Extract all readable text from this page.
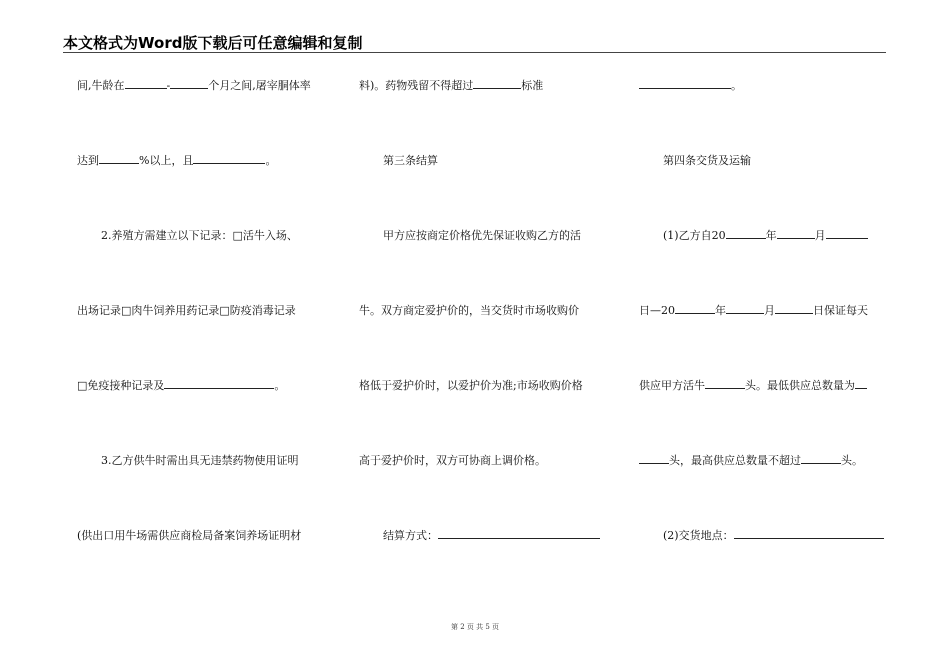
本文格式为Word版下载后可任意编辑和复制
间,牛龄在	-	个月之间,屠宰胴体率
达到	%以上，且	。
2.养殖方需建立以下记录：□活牛入场、
出场记录□肉牛饲养用药记录□防疫消毒记录
□免疫接种记录及	。
3.乙方供牛时需出具无违禁药物使用证明
(供出口用牛场需供应商检局备案饲养场证明材
料)。药物残留不得超过	标准
第三条结算
甲方应按商定价格优先保证收购乙方的活
牛。双方商定爱护价的，当交货时市场收购价
格低于爱护价时，以爱护价为准;市场收购价格
高于爱护价时，双方可协商上调价格。
结算方式：
。
第四条交货及运输
(1)乙方自20	年	月
日—20	年	月	日保证每天
供应甲方活牛	头。最低供应总数量为
头，最高供应总数量不超过	头。
(2)交货地点：
第 2 页 共 5 页
